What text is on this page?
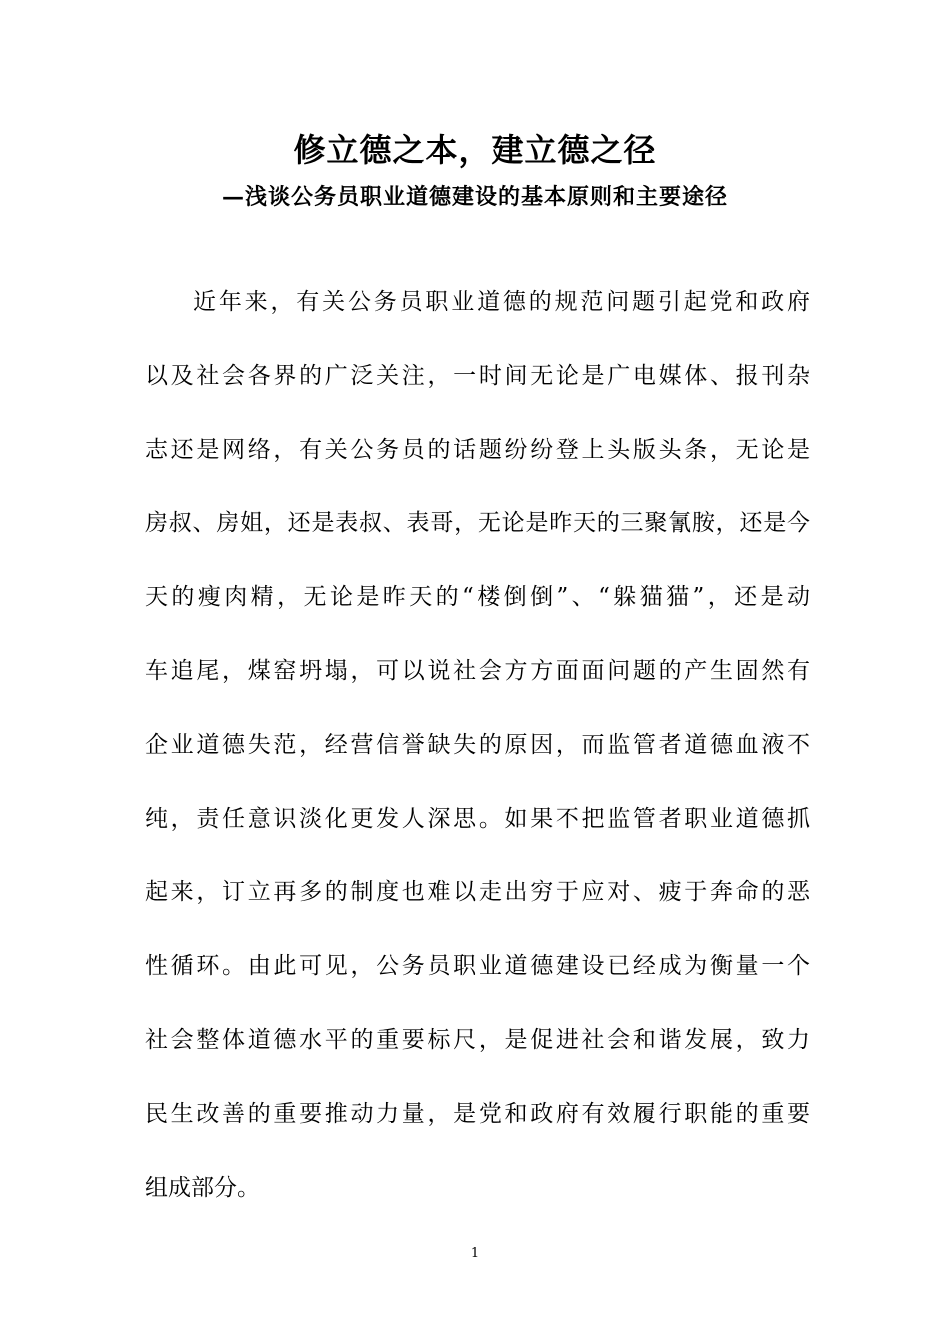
修立德之本，建立德之径
—浅谈公务员职业道德建设的基本原则和主要途径
近年来，有关公务员职业道德的规范问题引起党和政府
以及社会各界的广泛关注，一时间无论是广电媒体、报刊杂
志还是网络，有关公务员的话题纷纷登上头版头条，无论是
房叔、房姐，还是表叔、表哥，无论是昨天的三聚氰胺，还是今
天的瘦肉精，无论是昨天的“楼倒倒”、“躲猫猫”，还是动
车追尾，煤窑坍塌，可以说社会方方面面问题的产生固然有
企业道德失范，经营信誉缺失的原因，而监管者道德血液不
纯，责任意识淡化更发人深思。如果不把监管者职业道德抓
起来，订立再多的制度也难以走出穷于应对、疲于奔命的恶
性循环。由此可见，公务员职业道德建设已经成为衡量一个
社会整体道德水平的重要标尺，是促进社会和谐发展，致力
民生改善的重要推动力量，是党和政府有效履行职能的重要
组成部分。
1
